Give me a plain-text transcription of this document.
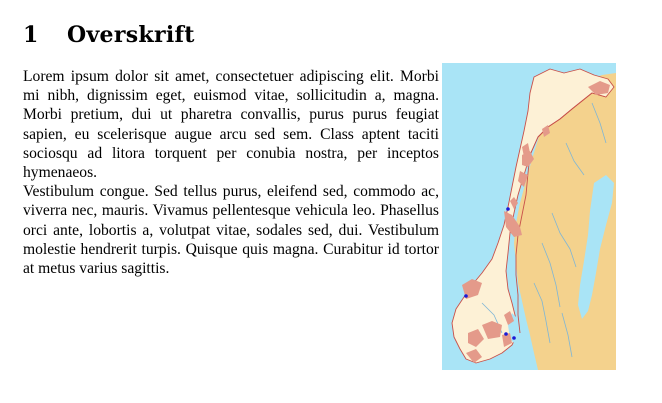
1 Overskrift

Lorem ipsum dolor sit amet, consectetuer adipiscing elit. Morbi mi nibh, dignissim eget, euismod vitae, sollicitudin a, magna. Morbi pretium, dui ut pharetra convallis, purus purus feugiat sapien, eu scelerisque augue arcu sed sem. Class aptent taciti sociosqu ad litora torquent per conubia nostra, per inceptos hymenaeos.

Vestibulum congue. Sed tellus purus, eleifend sed, commodo ac, viverra nec, mauris. Vivamus pellentesque vehicula leo. Phasellus orci ante, lobortis a, volutpat vitae, sodales sed, dui. Vestibulum molestie hendrerit turpis. Quisque quis magna. Curabitur id tortor at metus varius sagittis.
